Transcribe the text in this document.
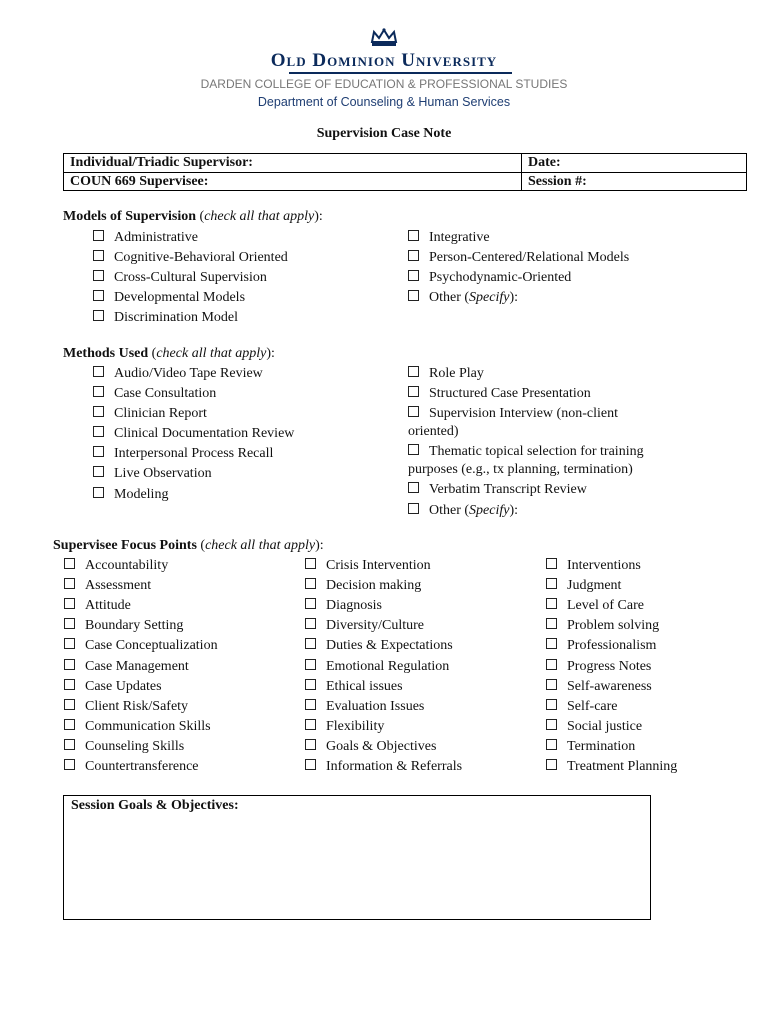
Old Dominion University
DARDEN COLLEGE OF EDUCATION & PROFESSIONAL STUDIES
Department of Counseling & Human Services
Supervision Case Note
Individual/Triadic Supervisor:	Date:
COUN 669 Supervisee:	Session #:
Models of Supervision (check all that apply):
Administrative
Cognitive-Behavioral Oriented
Cross-Cultural Supervision
Developmental Models
Discrimination Model
Integrative
Person-Centered/Relational Models
Psychodynamic-Oriented
Other (Specify):
Methods Used (check all that apply):
Audio/Video Tape Review
Case Consultation
Clinician Report
Clinical Documentation Review
Interpersonal Process Recall
Live Observation
Modeling
Role Play
Structured Case Presentation
Supervision Interview (non-client oriented)
Thematic topical selection for training purposes (e.g., tx planning, termination)
Verbatim Transcript Review
Other (Specify):
Supervisee Focus Points (check all that apply):
Accountability
Assessment
Attitude
Boundary Setting
Case Conceptualization
Case Management
Case Updates
Client Risk/Safety
Communication Skills
Counseling Skills
Countertransference
Crisis Intervention
Decision making
Diagnosis
Diversity/Culture
Duties & Expectations
Emotional Regulation
Ethical issues
Evaluation Issues
Flexibility
Goals & Objectives
Information & Referrals
Interventions
Judgment
Level of Care
Problem solving
Professionalism
Progress Notes
Self-awareness
Self-care
Social justice
Termination
Treatment Planning
Session Goals & Objectives:
